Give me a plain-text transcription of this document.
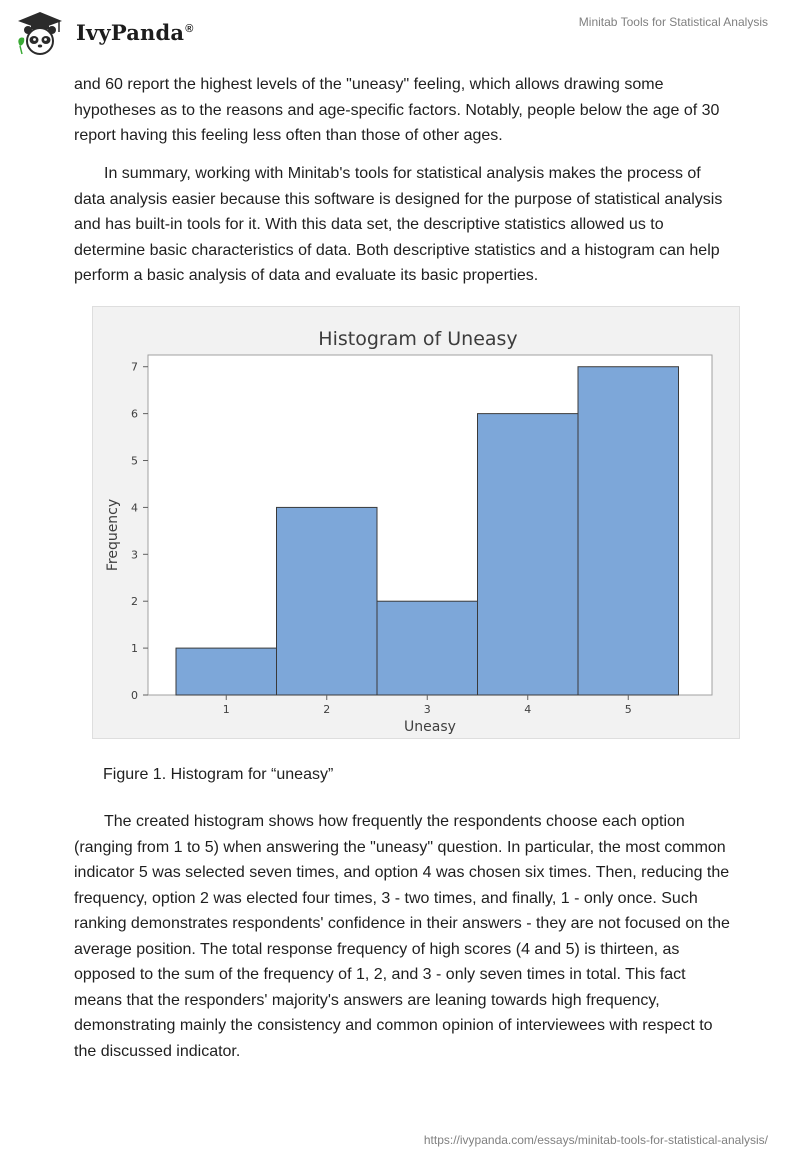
IvyPanda®	Minitab Tools for Statistical Analysis

and 60 report the highest levels of the "uneasy" feeling, which allows drawing some hypotheses as to the reasons and age-specific factors. Notably, people below the age of 30 report having this feeling less often than those of other ages.

In summary, working with Minitab's tools for statistical analysis makes the process of data analysis easier because this software is designed for the purpose of statistical analysis and has built-in tools for it. With this data set, the descriptive statistics allowed us to determine basic characteristics of data. Both descriptive statistics and a histogram can help perform a basic analysis of data and evaluate its basic properties.

Histogram of Uneasy
0
1
2
3
4
5
6
7
1	2	3	4	5
Uneasy
Frequency
Figure 1. Histogram for “uneasy”

The created histogram shows how frequently the respondents choose each option (ranging from 1 to 5) when answering the "uneasy" question. In particular, the most common indicator 5 was selected seven times, and option 4 was chosen six times. Then, reducing the frequency, option 2 was elected four times, 3 - two times, and finally, 1 - only once. Such ranking demonstrates respondents' confidence in their answers - they are not focused on the average position. The total response frequency of high scores (4 and 5) is thirteen, as opposed to the sum of the frequency of 1, 2, and 3 - only seven times in total. This fact means that the responders' majority's answers are leaning towards high frequency, demonstrating mainly the consistency and common opinion of interviewees with respect to the discussed indicator.

https://ivypanda.com/essays/minitab-tools-for-statistical-analysis/
